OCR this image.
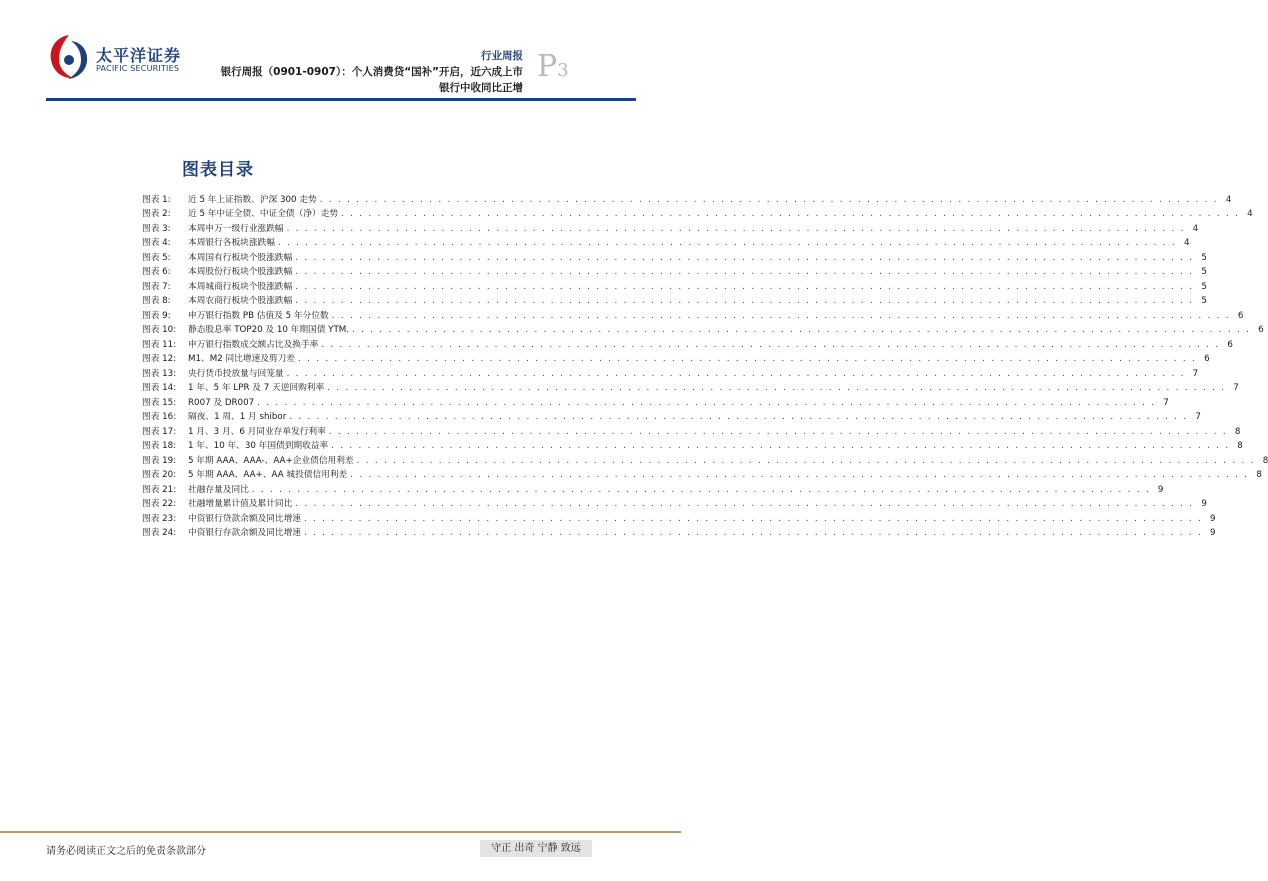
太平洋证券
PACIFIC SECURITIES
行业周报
银行周报（0901-0907）：个人消费贷“国补”开启，近六成上市
银行中收同比正增
P3
图表目录
图表 1:	近 5 年上证指数、沪深 300 走势 . . .	4
图表 2:	近 5 年中证全债、中证全债（净）走势 . . .	4
图表 3:	本周申万一级行业涨跌幅 . . .	4
图表 4:	本周银行各板块涨跌幅 . . .	4
图表 5:	本周国有行板块个股涨跌幅 . . .	5
图表 6:	本周股份行板块个股涨跌幅 . . .	5
图表 7:	本周城商行板块个股涨跌幅 . . .	5
图表 8:	本周农商行板块个股涨跌幅 . . .	5
图表 9:	申万银行指数 PB 估值及 5 年分位数 . . .	6
图表 10:	静态股息率 TOP20 及 10 年期国债 YTM. . . .	6
图表 11:	申万银行指数成交额占比及换手率 . . .	6
图表 12:	M1、M2 同比增速及剪刀差 . . .	6
图表 13:	央行货币投放量与回笼量 . . .	7
图表 14:	1 年、5 年 LPR 及 7 天逆回购利率 . . .	7
图表 15:	R007 及 DR007 . . .	7
图表 16:	隔夜、1 周、1 月 shibor . . .	7
图表 17:	1 月、3 月、6 月同业存单发行利率 . . .	8
图表 18:	1 年、10 年、30 年国债到期收益率 . . .	8
图表 19:	5 年期 AAA、AAA-、AA+企业债信用利差 . . .	8
图表 20:	5 年期 AAA、AA+、AA 城投债信用利差 . . .	8
图表 21:	社融存量及同比 . . .	9
图表 22:	社融增量累计值及累计同比 . . .	9
图表 23:	中资银行贷款余额及同比增速 . . .	9
图表 24:	中资银行存款余额及同比增速 . . .	9
请务必阅读正文之后的免责条款部分	守正 出奇 宁静 致远
